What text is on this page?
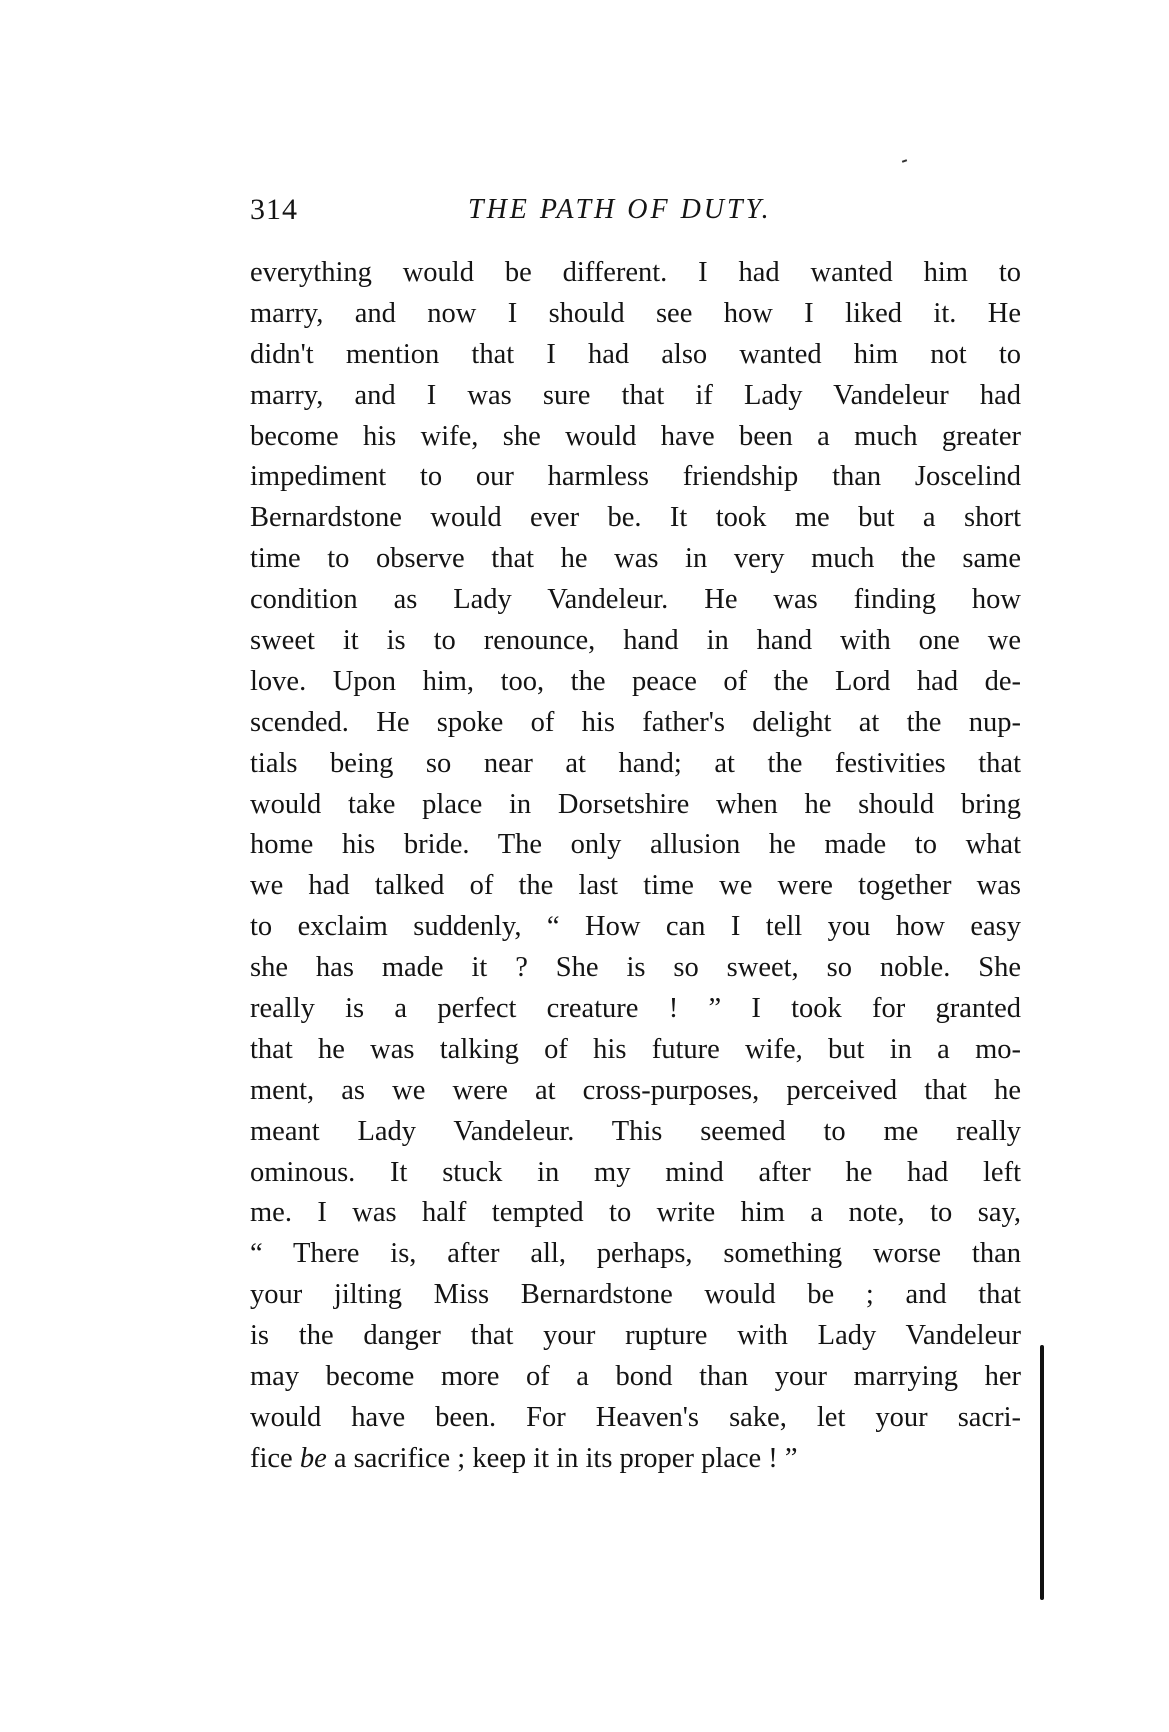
314	THE PATH OF DUTY.
everything would be different. I had wanted him to
marry, and now I should see how I liked it. He
didn't mention that I had also wanted him not to
marry, and I was sure that if Lady Vandeleur had
become his wife, she would have been a much greater
impediment to our harmless friendship than Joscelind
Bernardstone would ever be. It took me but a short
time to observe that he was in very much the same
condition as Lady Vandeleur. He was finding how
sweet it is to renounce, hand in hand with one we
love. Upon him, too, the peace of the Lord had de-
scended. He spoke of his father's delight at the nup-
tials being so near at hand; at the festivities that
would take place in Dorsetshire when he should bring
home his bride. The only allusion he made to what
we had talked of the last time we were together was
to exclaim suddenly, “ How can I tell you how easy
she has made it ? She is so sweet, so noble. She
really is a perfect creature ! ” I took for granted
that he was talking of his future wife, but in a mo-
ment, as we were at cross-purposes, perceived that he
meant Lady Vandeleur. This seemed to me really
ominous. It stuck in my mind after he had left
me. I was half tempted to write him a note, to say,
“ There is, after all, perhaps, something worse than
your jilting Miss Bernardstone would be ; and that
is the danger that your rupture with Lady Vandeleur
may become more of a bond than your marrying her
would have been. For Heaven's sake, let your sacri-
fice be a sacrifice ; keep it in its proper place ! ”
